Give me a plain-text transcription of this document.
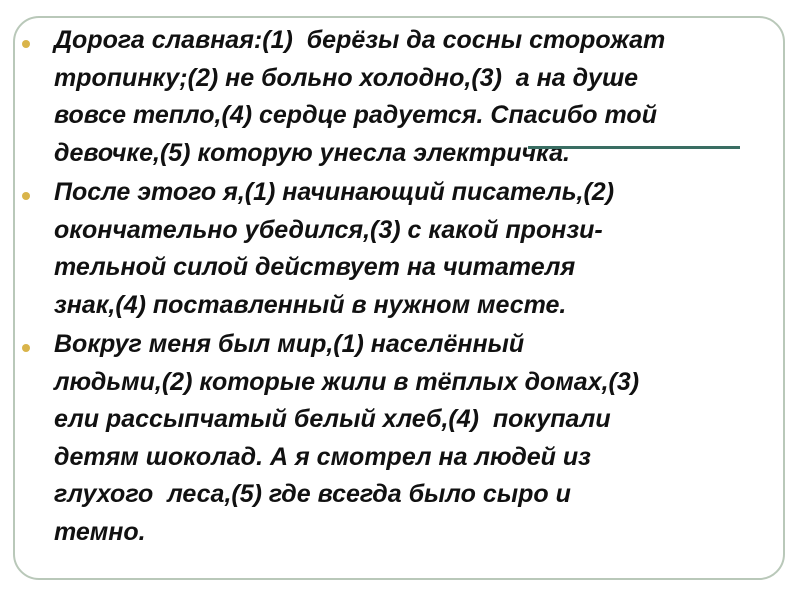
Дорога славная:(1)  берёзы да сосны сторожат
тропинку;(2) не больно холодно,(3)  а на душе
вовсе тепло,(4) сердце радуется. Спасибо той
девочке,(5) которую унесла электричка.
После этого я,(1) начинающий писатель,(2)
окончательно убедился,(3) с какой пронзи-
тельной силой действует на читателя
знак,(4) поставленный в нужном месте.
Вокруг меня был мир,(1) населённый
людьми,(2) которые жили в тёплых домах,(3)
ели рассыпчатый белый хлеб,(4)  покупали
детям шоколад. А я смотрел на людей из
глухого  леса,(5) где всегда было сыро и
темно.
